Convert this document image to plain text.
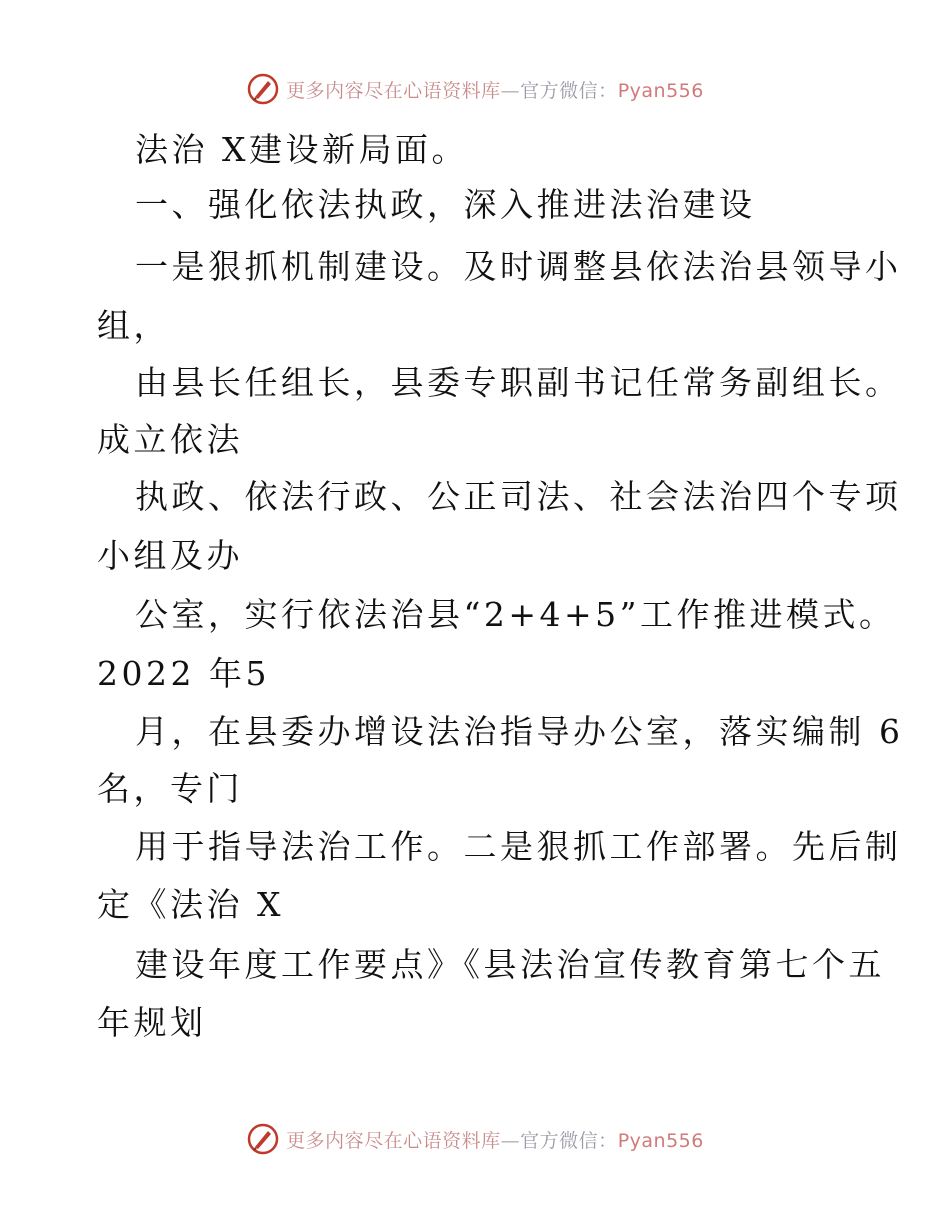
更多内容尽在心语资料库—官方微信：Pyan556
法治 X建设新局面。
一、强化依法执政，深入推进法治建设
一是狠抓机制建设。及时调整县依法治县领导小
组，
由县长任组长，县委专职副书记任常务副组长。
成立依法
执政、依法行政、公正司法、社会法治四个专项
小组及办
公室，实行依法治县“2+4+5”工作推进模式。
2022 年5
月，在县委办增设法治指导办公室，落实编制 6
名，专门
用于指导法治工作。二是狠抓工作部署。先后制
定《法治 X
建设年度工作要点》《县法治宣传教育第七个五
年规划
更多内容尽在心语资料库—官方微信：Pyan556
